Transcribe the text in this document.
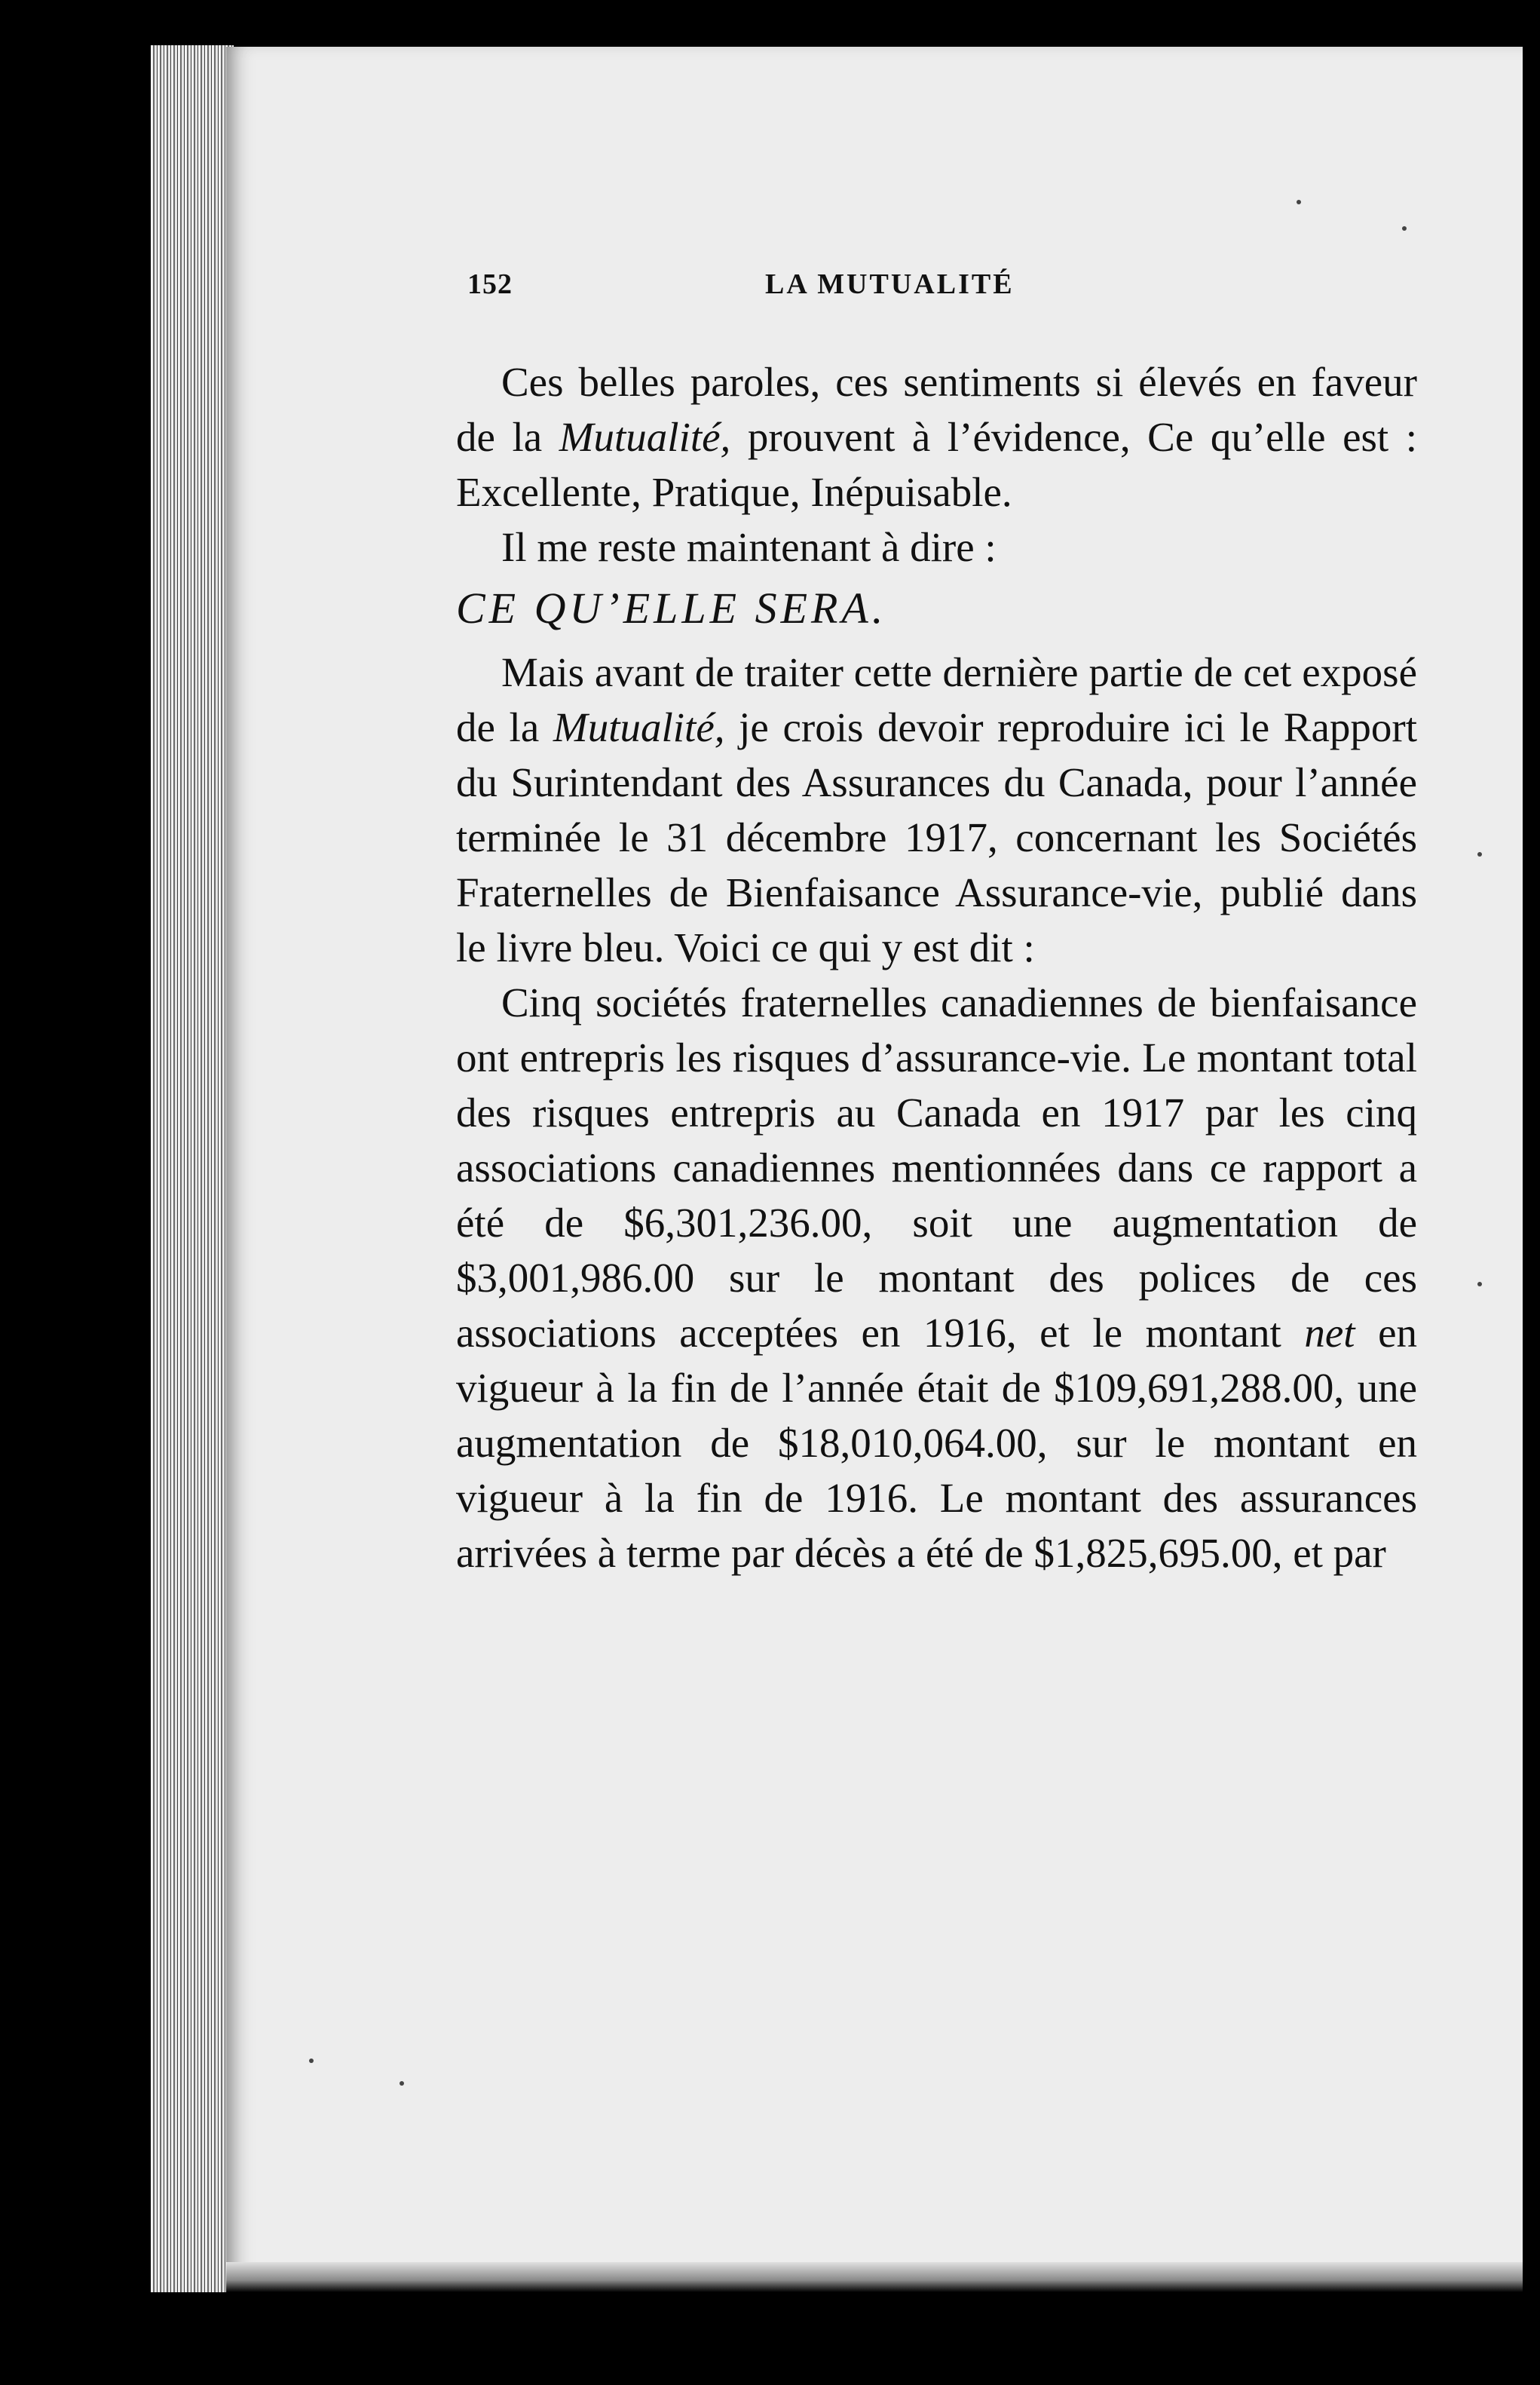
152	LA MUTUALITÉ

Ces belles paroles, ces sentiments si élevés en faveur de la Mutualité, prouvent à l’évidence, Ce qu’elle est : Excellente, Pratique, Inépuisable.

Il me reste maintenant à dire :

CE QU’ELLE SERA.

Mais avant de traiter cette dernière partie de cet exposé de la Mutualité, je crois devoir reproduire ici le Rapport du Surintendant des Assurances du Canada, pour l’année terminée le 31 décembre 1917, concernant les Sociétés Fraternelles de Bienfaisance Assurance-vie, publié dans le livre bleu. Voici ce qui y est dit :

Cinq sociétés fraternelles canadiennes de bienfaisance ont entrepris les risques d’assurance-vie. Le montant total des risques entrepris au Canada en 1917 par les cinq associations canadiennes mentionnées dans ce rapport a été de $6,301,236.00, soit une augmentation de $3,001,986.00 sur le montant des polices de ces associations acceptées en 1916, et le montant net en vigueur à la fin de l’année était de $109,691,288.00, une augmentation de $18,010,064.00, sur le montant en vigueur à la fin de 1916. Le montant des assurances arrivées à terme par décès a été de $1,825,695.00, et par
